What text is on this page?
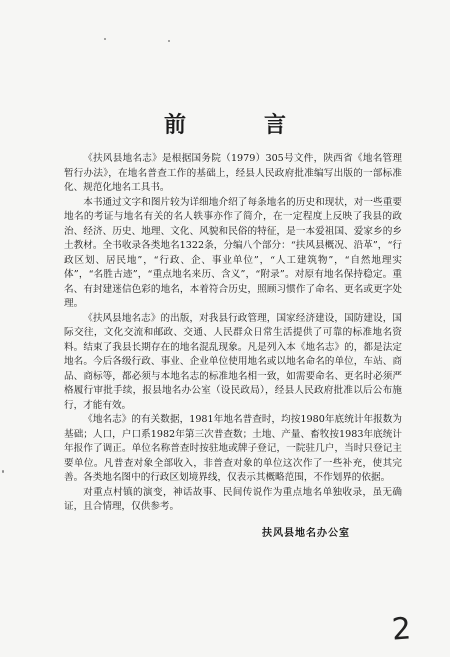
前　言

《扶风县地名志》是根据国务院（1979）305号文件，陕西省《地名管理暂行办法》，在地名普查工作的基础上，经县人民政府批准编写出版的一部标准化、规范化地名工具书。

本书通过文字和图片较为详细地介绍了每条地名的历史和现状，对一些重要地名的考证与地名有关的名人轶事亦作了简介，在一定程度上反映了我县的政治、经济、历史、地理、文化、风貌和民俗的特征，是一本爱祖国、爱家乡的乡土教材。全书收录各类地名1322条，分编八个部分：“扶风县概况、沿革”，“行政区划、居民地”，“行政、企、事业单位”，“人工建筑物”，“自然地理实体”，“名胜古迹”，“重点地名来历、含义”，“附录”。对原有地名保持稳定。重名、有封建迷信色彩的地名，本着符合历史，照顾习惯作了命名、更名或更字处理。

《扶风县地名志》的出版，对我县行政管理，国家经济建设，国防建设，国际交往，文化交流和邮政、交通、人民群众日常生活提供了可靠的标准地名资料。结束了我县长期存在的地名混乱现象。凡是列入本《地名志》的，都是法定地名。今后各级行政、事业、企业单位使用地名或以地名命名的单位，车站、商品、商标等，都必须与本地名志的标准地名相一致，如需要命名、更名时必须严格履行审批手续，报县地名办公室（设民政局），经县人民政府批准以后公布施行，才能有效。

《地名志》的有关数据，1981年地名普查时，均按1980年底统计年报数为基础；人口，户口系1982年第三次普查数；土地、产量、畜牧按1983年底统计年报作了调正。单位名称普查时按驻地或牌子登记，一院驻几户，当时只登记主要单位。凡普查对象全部收入，非普查对象的单位这次作了一些补充，使其完善。各类地名图中的行政区划境界线，仅表示其概略范围，不作划界的依据。

对重点村镇的演变，神话故事、民间传说作为重点地名单独收录，虽无确证，且合情理，仅供参考。

扶风县地名办公室
2
